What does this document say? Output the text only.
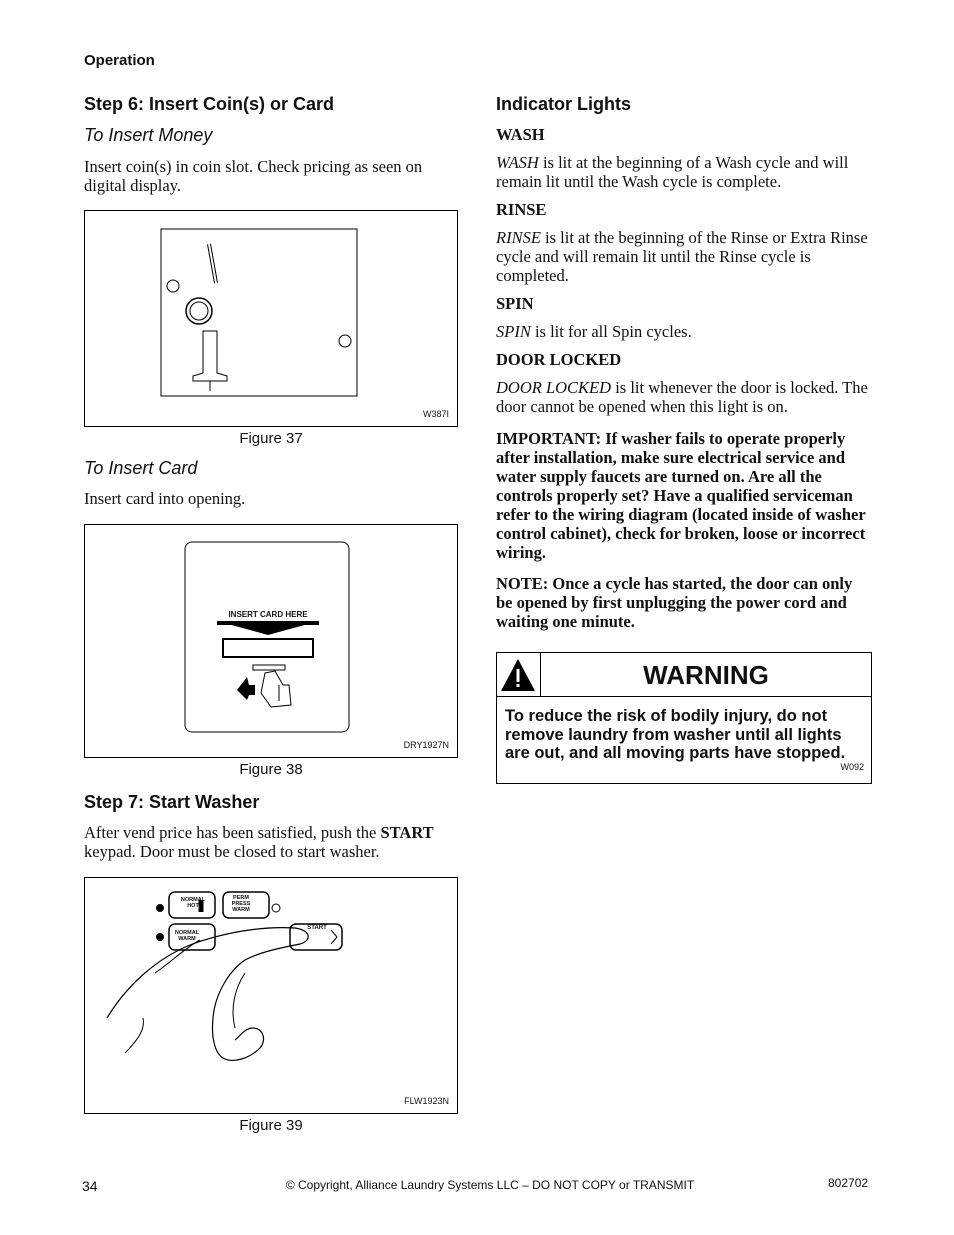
Operation
Step 6: Insert Coin(s) or Card
To Insert Money
Insert coin(s) in coin slot. Check pricing as seen on digital display.
W387I
Figure 37
To Insert Card
Insert card into opening.
INSERT CARD HERE
DRY1927N
Figure 38
Step 7: Start Washer
After vend price has been satisfied, push the START keypad. Door must be closed to start washer.
NORMAL
HOT
PERM
PRESS
WARM
NORMAL
WARM
START
FLW1923N
Figure 39
Indicator Lights
WASH
WASH is lit at the beginning of a Wash cycle and will remain lit until the Wash cycle is complete.
RINSE
RINSE is lit at the beginning of the Rinse or Extra Rinse cycle and will remain lit until the Rinse cycle is completed.
SPIN
SPIN is lit for all Spin cycles.
DOOR LOCKED
DOOR LOCKED is lit whenever the door is locked. The door cannot be opened when this light is on.
IMPORTANT: If washer fails to operate properly after installation, make sure electrical service and water supply faucets are turned on. Are all the controls properly set? Have a qualified serviceman refer to the wiring diagram (located inside of washer control cabinet), check for broken, loose or incorrect wiring.
NOTE: Once a cycle has started, the door can only be opened by first unplugging the power cord and waiting one minute.
WARNING
To reduce the risk of bodily injury, do not remove laundry from washer until all lights are out, and all moving parts have stopped.
W092
34	© Copyright, Alliance Laundry Systems LLC – DO NOT COPY or TRANSMIT	802702
